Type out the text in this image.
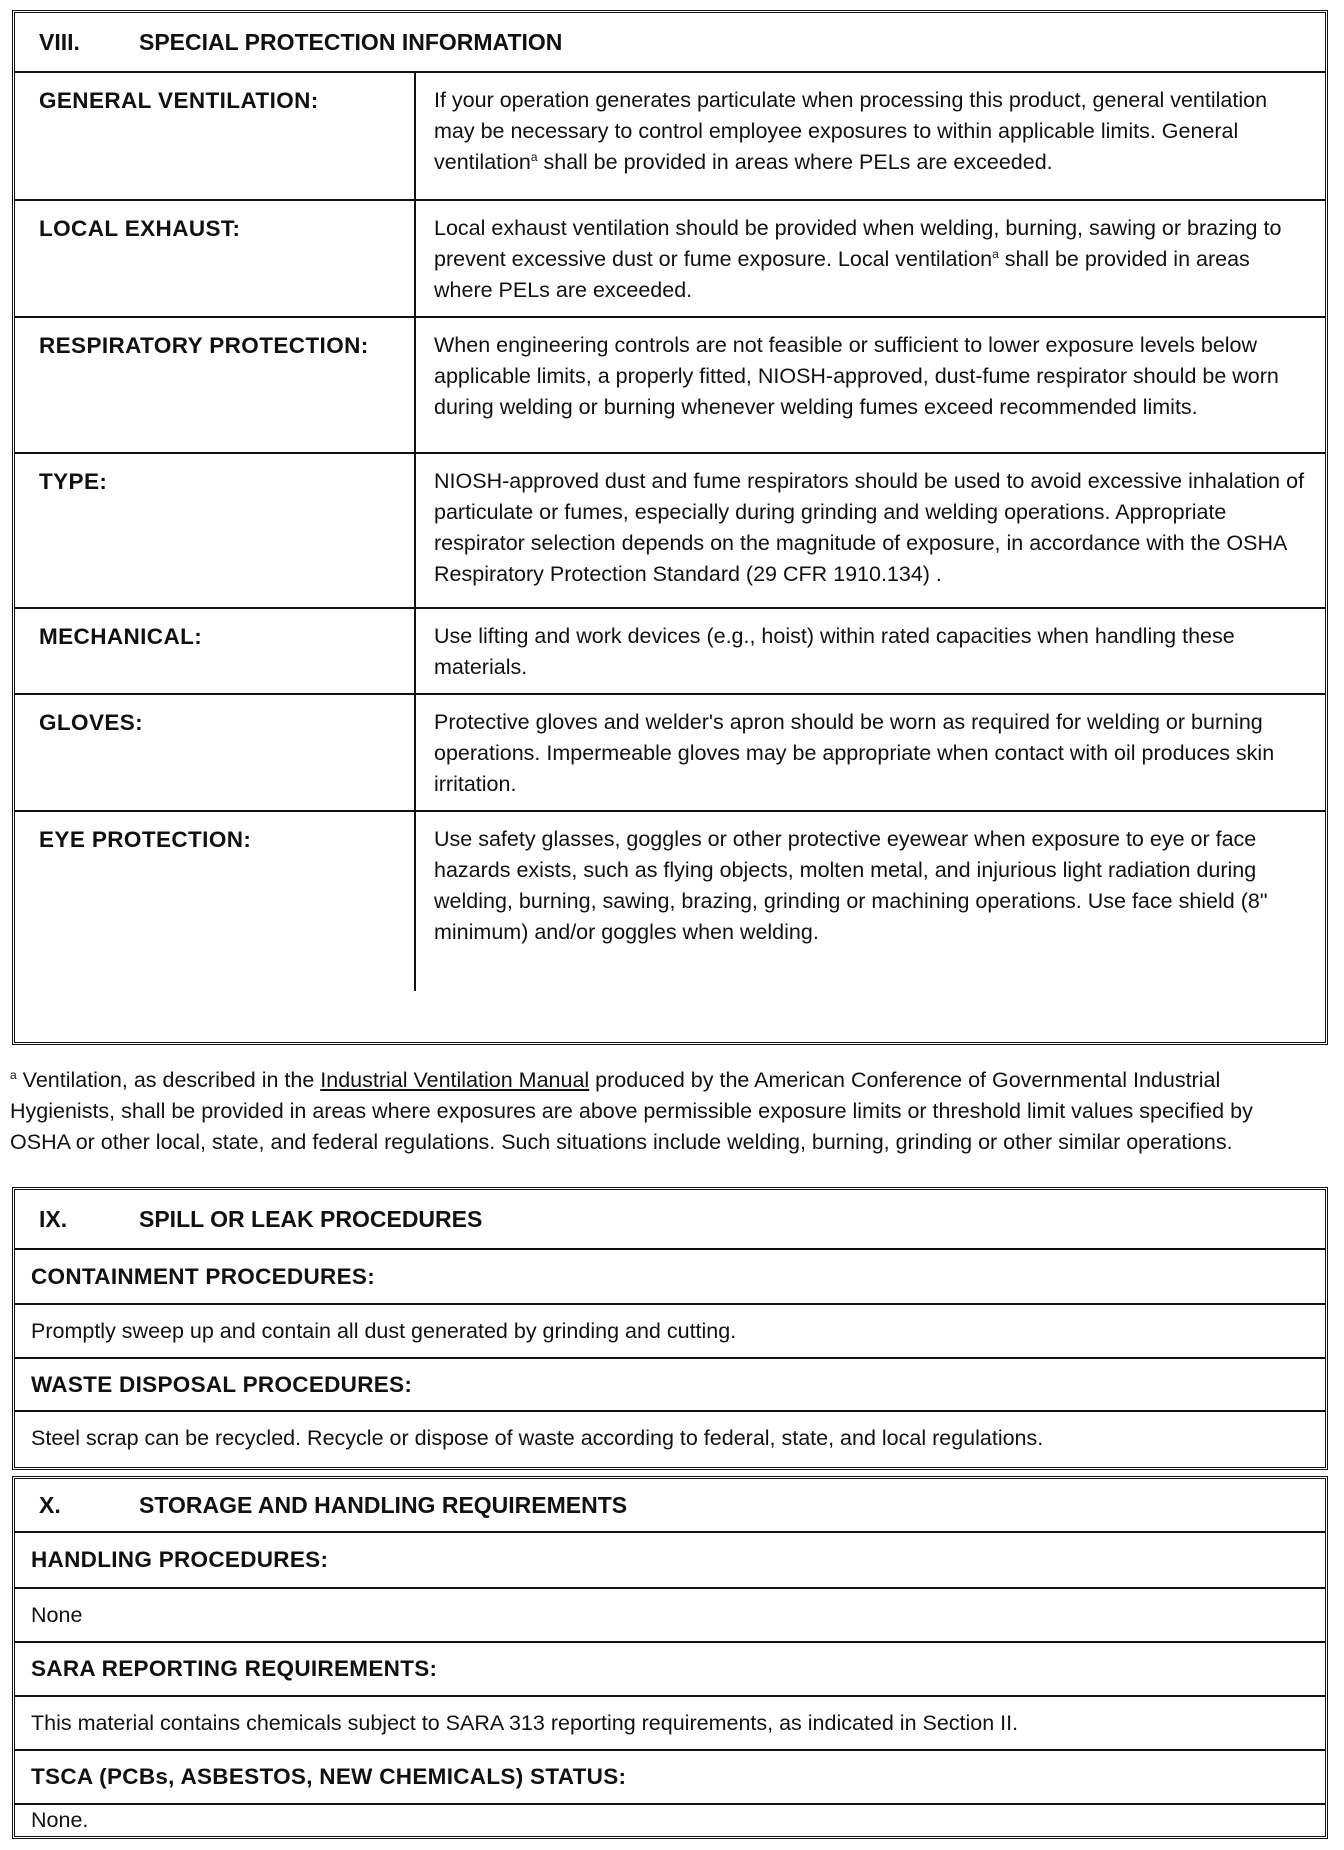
VIII.	SPECIAL PROTECTION INFORMATION
GENERAL VENTILATION:	If your operation generates particulate when processing this product, general ventilation may be necessary to control employee exposures to within applicable limits. General ventilation$^a$ shall be provided in areas where PELs are exceeded.
LOCAL EXHAUST:	Local exhaust ventilation should be provided when welding, burning, sawing or brazing to prevent excessive dust or fume exposure. Local ventilation$^a$ shall be provided in areas where PELs are exceeded.
RESPIRATORY PROTECTION:	When engineering controls are not feasible or sufficient to lower exposure levels below applicable limits, a properly fitted, NIOSH-approved, dust-fume respirator should be worn during welding or burning whenever welding fumes exceed recommended limits.
TYPE:	NIOSH-approved dust and fume respirators should be used to avoid excessive inhalation of particulate or fumes, especially during grinding and welding operations. Appropriate respirator selection depends on the magnitude of exposure, in accordance with the OSHA Respiratory Protection Standard (29 CFR 1910.134) .
MECHANICAL:	Use lifting and work devices (e.g., hoist) within rated capacities when handling these materials.
GLOVES:	Protective gloves and welder's apron should be worn as required for welding or burning operations. Impermeable gloves may be appropriate when contact with oil produces skin irritation.
EYE PROTECTION:	Use safety glasses, goggles or other protective eyewear when exposure to eye or face hazards exists, such as flying objects, molten metal, and injurious light radiation during welding, burning, sawing, brazing, grinding or machining operations. Use face shield (8" minimum) and/or goggles when welding.
$^a$ Ventilation, as described in the Industrial Ventilation Manual produced by the American Conference of Governmental Industrial Hygienists, shall be provided in areas where exposures are above permissible exposure limits or threshold limit values specified by OSHA or other local, state, and federal regulations. Such situations include welding, burning, grinding or other similar operations.
IX.	SPILL OR LEAK PROCEDURES
CONTAINMENT PROCEDURES:
Promptly sweep up and contain all dust generated by grinding and cutting.
WASTE DISPOSAL PROCEDURES:
Steel scrap can be recycled. Recycle or dispose of waste according to federal, state, and local regulations.
X.	STORAGE AND HANDLING REQUIREMENTS
HANDLING PROCEDURES:
None
SARA REPORTING REQUIREMENTS:
This material contains chemicals subject to SARA 313 reporting requirements, as indicated in Section II.
TSCA (PCBs, ASBESTOS, NEW CHEMICALS) STATUS:
None.
